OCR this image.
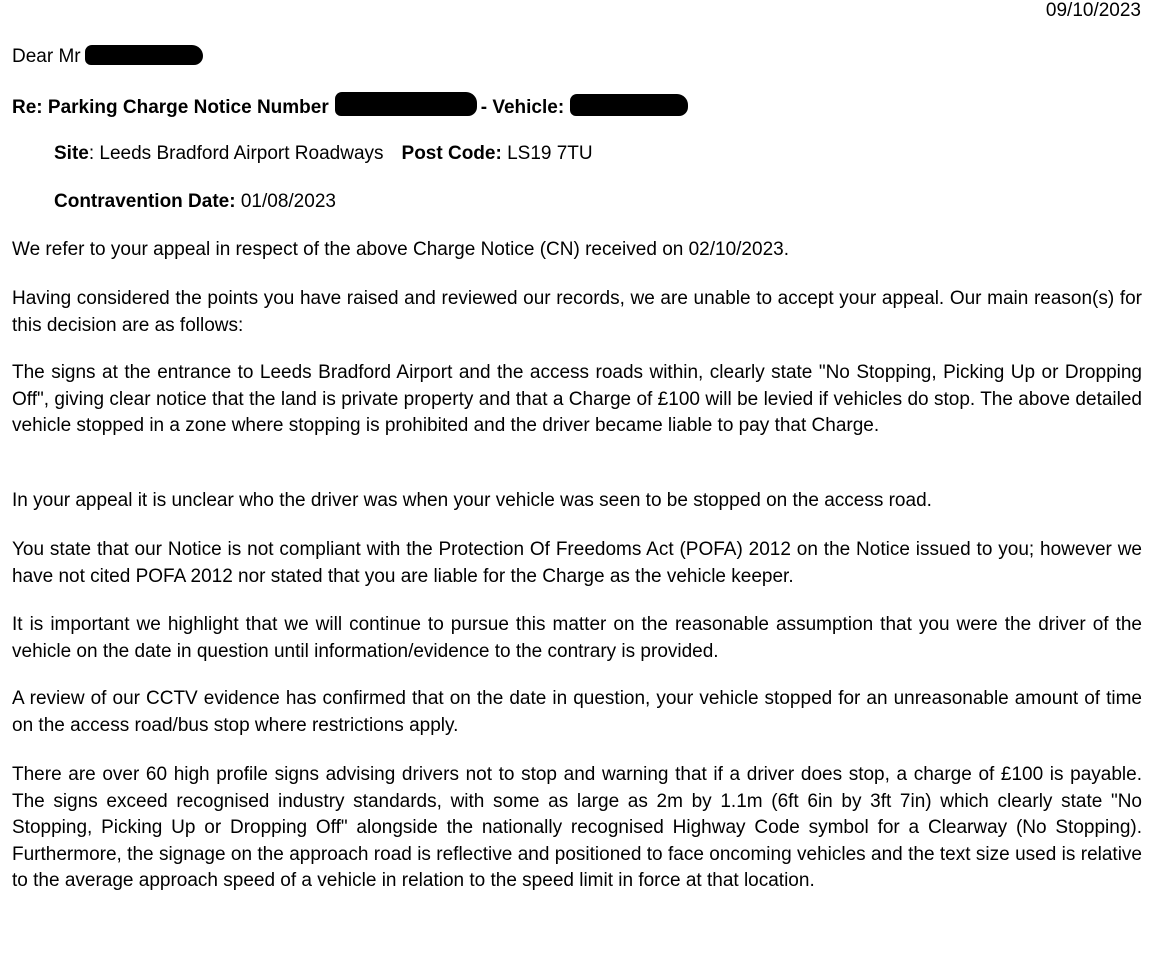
09/10/2023
Dear Mr
Re: Parking Charge Notice Number	- Vehicle:
Site: Leeds Bradford Airport Roadways Post Code: LS19 7TU
Contravention Date: 01/08/2023

We refer to your appeal in respect of the above Charge Notice (CN) received on 02/10/2023.

Having considered the points you have raised and reviewed our records, we are unable to accept your appeal. Our main reason(s) for this decision are as follows:

The signs at the entrance to Leeds Bradford Airport and the access roads within, clearly state "No Stopping, Picking Up or Dropping Off", giving clear notice that the land is private property and that a Charge of £100 will be levied if vehicles do stop. The above detailed vehicle stopped in a zone where stopping is prohibited and the driver became liable to pay that Charge.

In your appeal it is unclear who the driver was when your vehicle was seen to be stopped on the access road.

You state that our Notice is not compliant with the Protection Of Freedoms Act (POFA) 2012 on the Notice issued to you; however we have not cited POFA 2012 nor stated that you are liable for the Charge as the vehicle keeper.

It is important we highlight that we will continue to pursue this matter on the reasonable assumption that you were the driver of the vehicle on the date in question until information/evidence to the contrary is provided.

A review of our CCTV evidence has confirmed that on the date in question, your vehicle stopped for an unreasonable amount of time on the access road/bus stop where restrictions apply.

There are over 60 high profile signs advising drivers not to stop and warning that if a driver does stop, a charge of £100 is payable. The signs exceed recognised industry standards, with some as large as 2m by 1.1m (6ft 6in by 3ft 7in) which clearly state "No Stopping, Picking Up or Dropping Off" alongside the nationally recognised Highway Code symbol for a Clearway (No Stopping). Furthermore, the signage on the approach road is reflective and positioned to face oncoming vehicles and the text size used is relative to the average approach speed of a vehicle in relation to the speed limit in force at that location.
